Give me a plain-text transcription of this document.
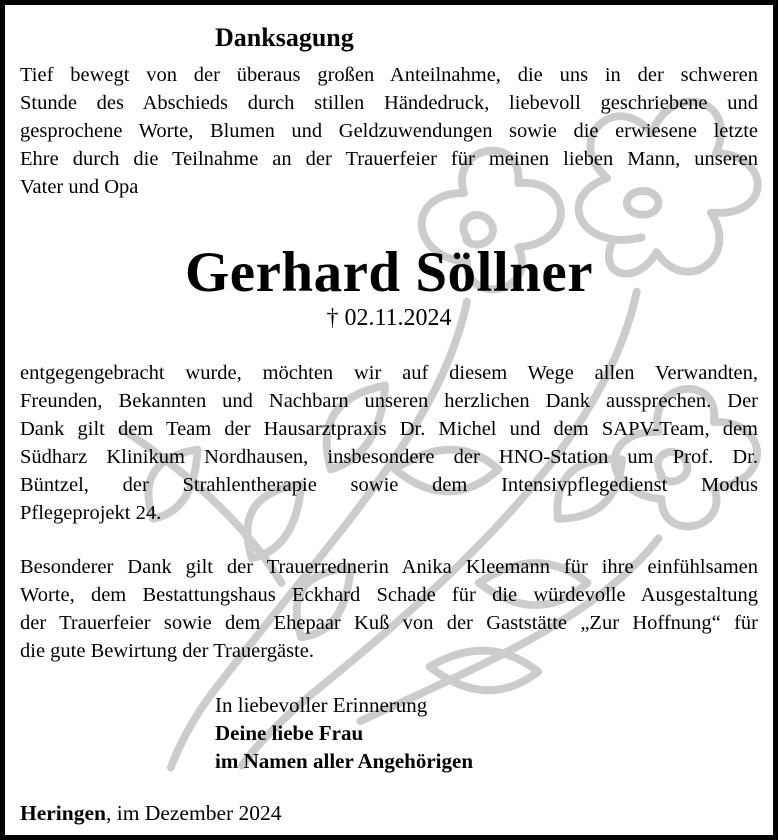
Danksagung
Tief bewegt von der überaus großen Anteilnahme, die uns in der schweren
Stunde des Abschieds durch stillen Händedruck, liebevoll geschriebene und
gesprochene Worte, Blumen und Geldzuwendungen sowie die erwiesene letzte
Ehre durch die Teilnahme an der Trauerfeier für meinen lieben Mann, unseren
Vater und Opa
Gerhard Söllner
† 02.11.2024
entgegengebracht wurde, möchten wir auf diesem Wege allen Verwandten,
Freunden, Bekannten und Nachbarn unseren herzlichen Dank aussprechen. Der
Dank gilt dem Team der Hausarztpraxis Dr. Michel und dem SAPV-Team, dem
Südharz Klinikum Nordhausen, insbesondere der HNO-Station um Prof. Dr.
Büntzel, der Strahlentherapie sowie dem Intensivpflegedienst Modus
Pflegeprojekt 24.
Besonderer Dank gilt der Trauerrednerin Anika Kleemann für ihre einfühlsamen
Worte, dem Bestattungshaus Eckhard Schade für die würdevolle Ausgestaltung
der Trauerfeier sowie dem Ehepaar Kuß von der Gaststätte „Zur Hoffnung“ für
die gute Bewirtung der Trauergäste.
In liebevoller Erinnerung
Deine liebe Frau
im Namen aller Angehörigen
Heringen, im Dezember 2024
